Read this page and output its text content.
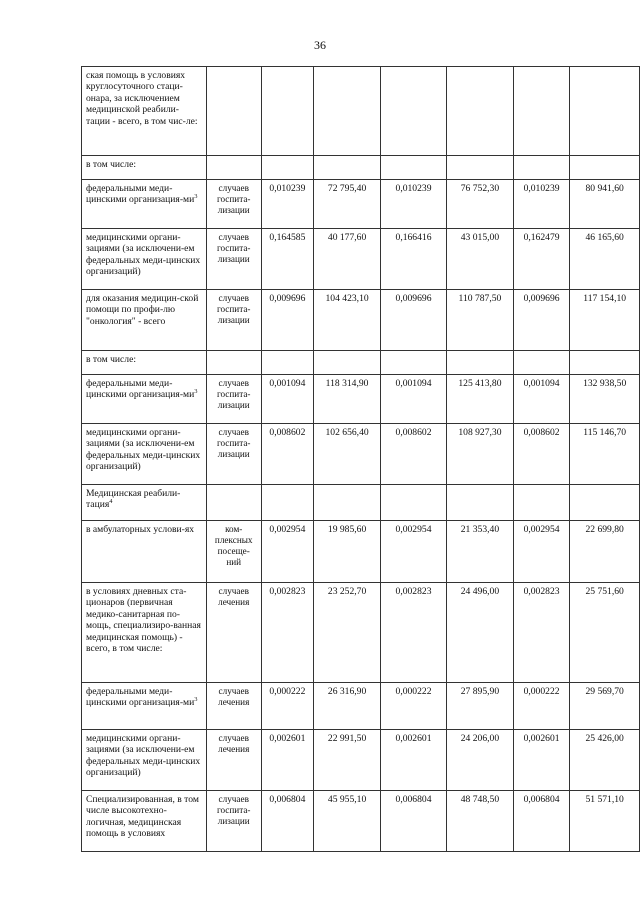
36
ская помощь в условиях круглосуточного стаци-онара, за исключением медицинской реабили-тации - всего, в том чис-ле:							
в том числе:							
федеральными меди-цинскими организация-$ми^3$	случаев госпита-лизации	0,010239	72 795,40	0,010239	76 752,30	0,010239	80 941,60
медицинскими органи-зациями (за исключени-ем федеральных меди-цинских организаций)	случаев госпита-лизации	0,164585	40 177,60	0,166416	43 015,00	0,162479	46 165,60
для оказания медицин-ской помощи по профи-лю "онкология" - всего	случаев госпита-лизации	0,009696	104 423,10	0,009696	110 787,50	0,009696	117 154,10
в том числе:							
федеральными меди-цинскими организация-$ми^3$	случаев госпита-лизации	0,001094	118 314,90	0,001094	125 413,80	0,001094	132 938,50
медицинскими органи-зациями (за исключени-ем федеральных меди-цинских организаций)	случаев госпита-лизации	0,008602	102 656,40	0,008602	108 927,30	0,008602	115 146,70
Медицинская реабили-тация$^4$							
в амбулаторных услови-ях	ком-плексных посеще-ний	0,002954	19 985,60	0,002954	21 353,40	0,002954	22 699,80
в условиях дневных ста-ционаров (первичная медико-санитарная по-мощь, специализиро-ванная медицинская помощь) - всего, в том числе:	случаев лечения	0,002823	23 252,70	0,002823	24 496,00	0,002823	25 751,60
федеральными меди-цинскими организация-$ми^3$	случаев лечения	0,000222	26 316,90	0,000222	27 895,90	0,000222	29 569,70
медицинскими органи-зациями (за исключени-ем федеральных меди-цинских организаций)	случаев лечения	0,002601	22 991,50	0,002601	24 206,00	0,002601	25 426,00
Специализированная, в том числе высокотехно-логичная, медицинская помощь в условиях	случаев госпита-лизации	0,006804	45 955,10	0,006804	48 748,50	0,006804	51 571,10
